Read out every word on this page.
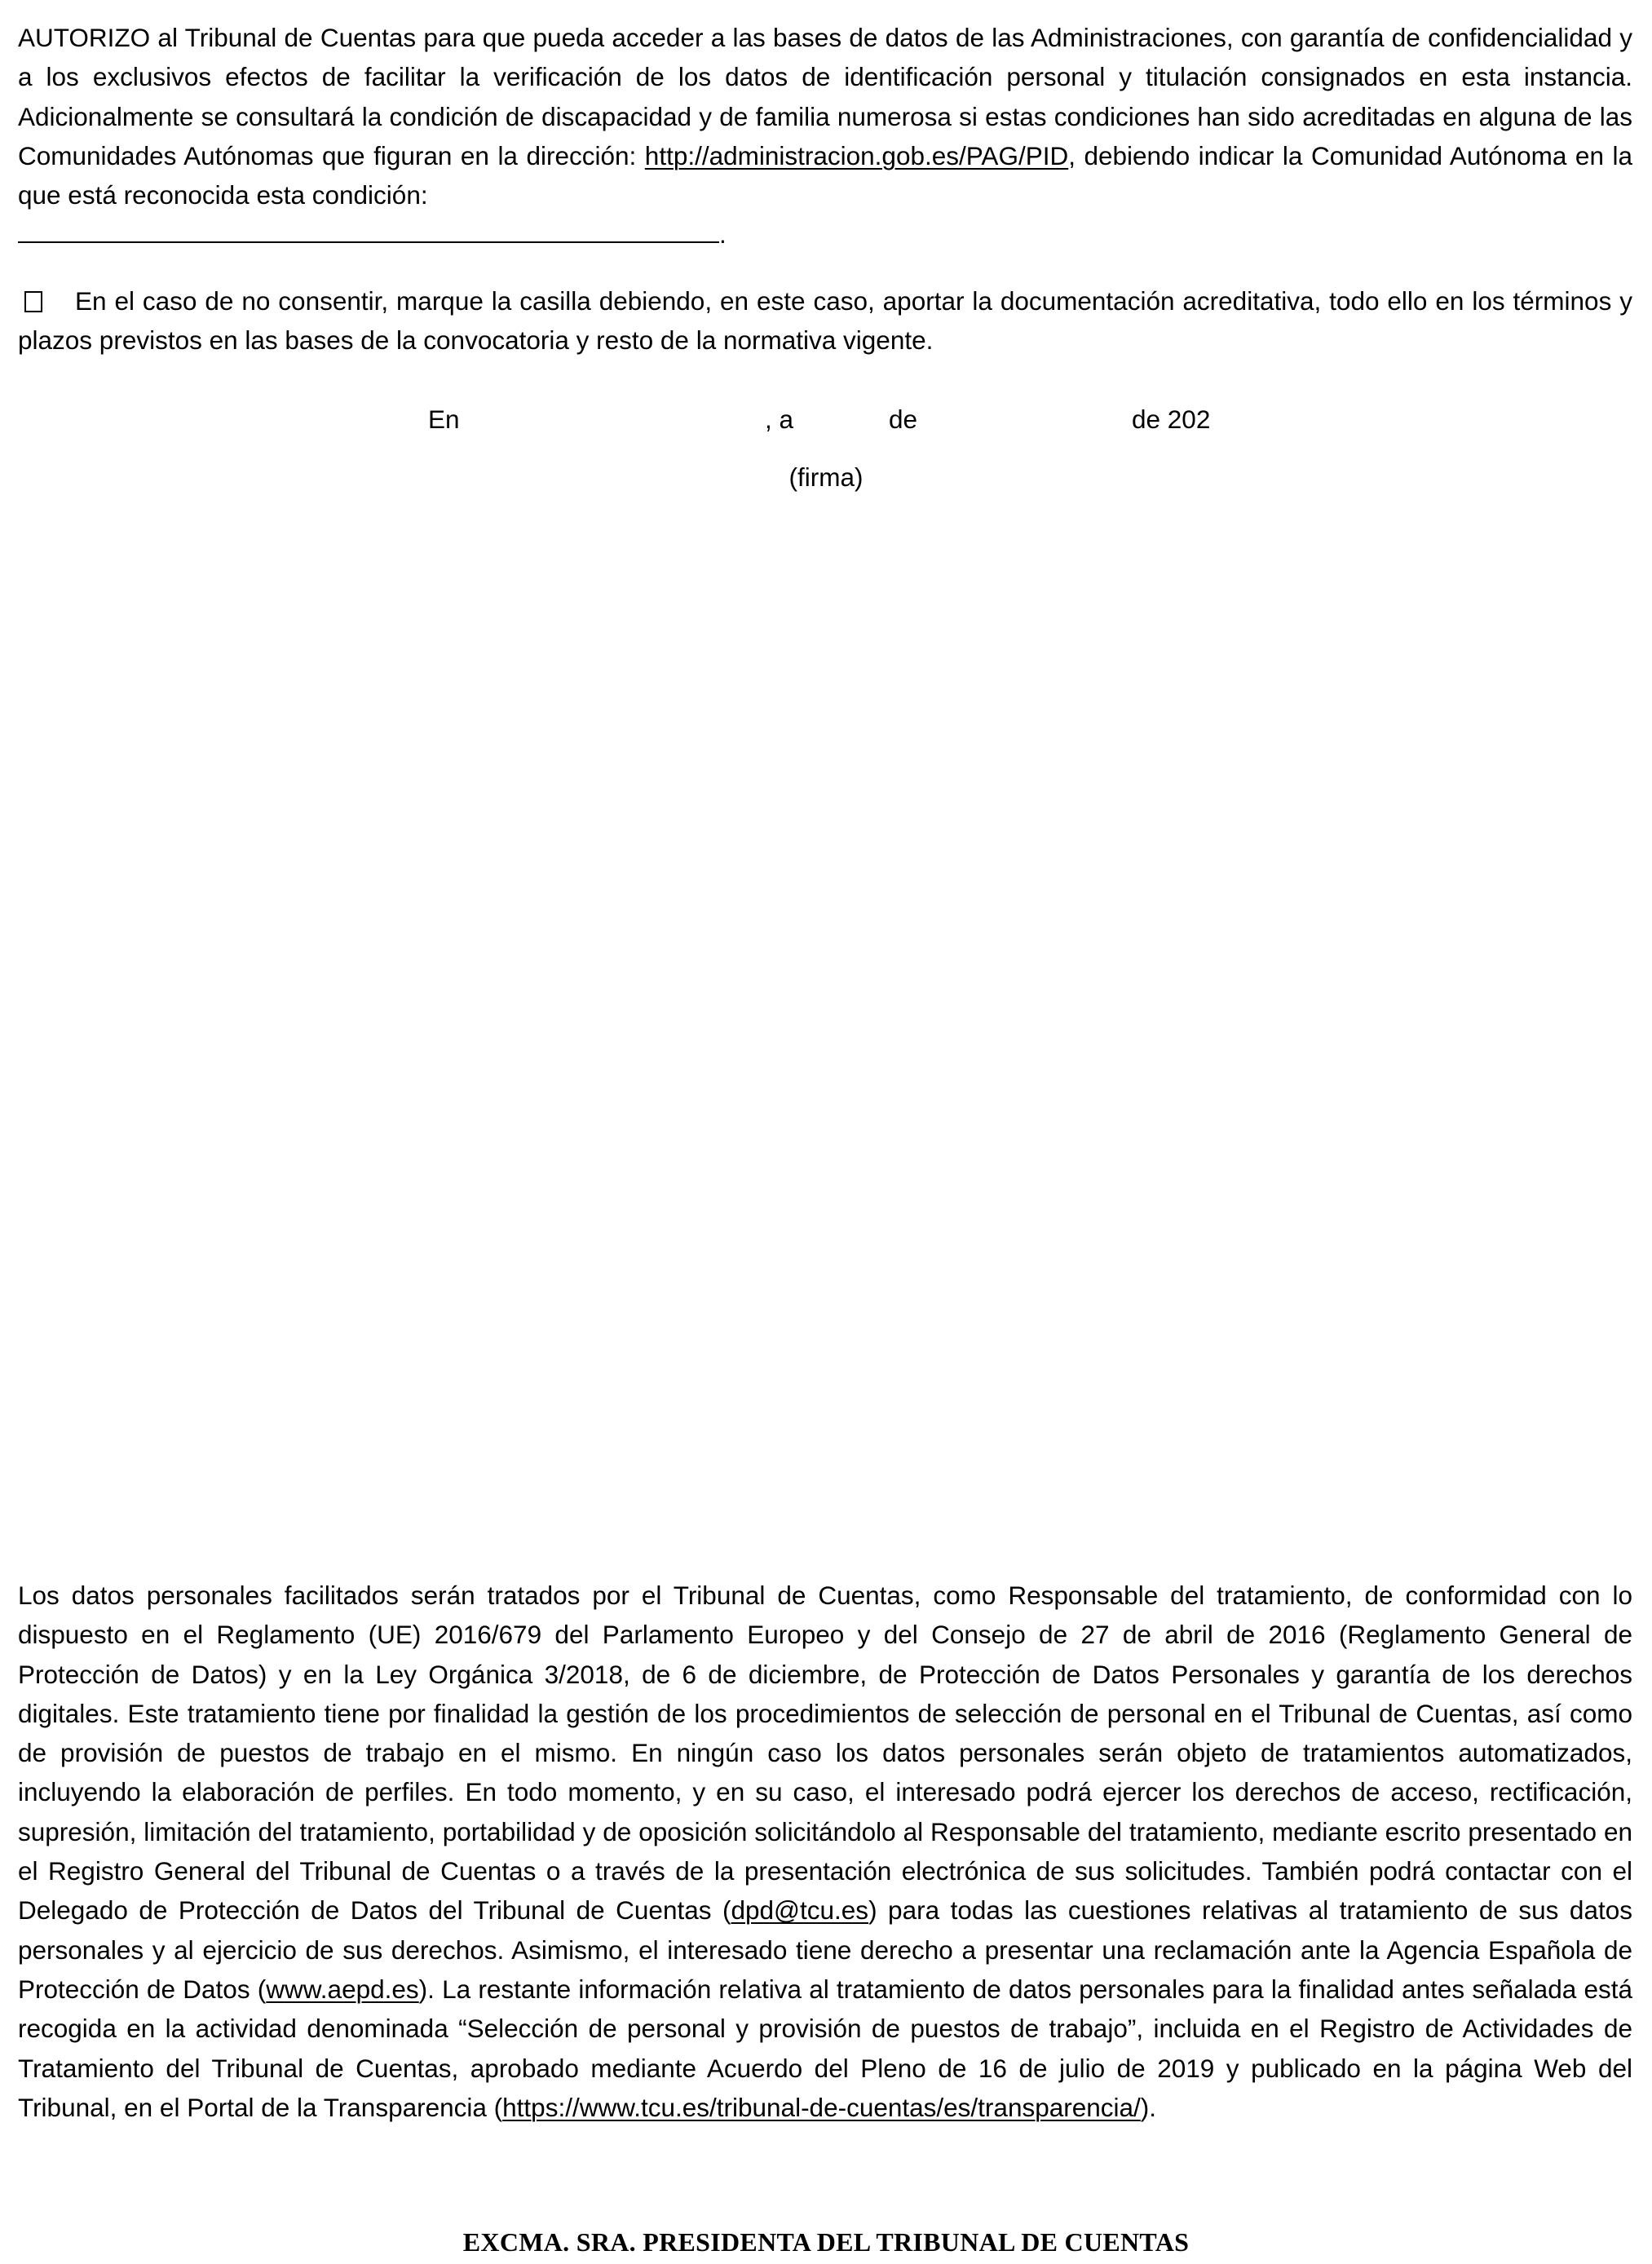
AUTORIZO al Tribunal de Cuentas para que pueda acceder a las bases de datos de las Administraciones, con garantía de confidencialidad y a los exclusivos efectos de facilitar la verificación de los datos de identificación personal y titulación consignados en esta instancia. Adicionalmente se consultará la condición de discapacidad y de familia numerosa si estas condiciones han sido acreditadas en alguna de las Comunidades Autónomas que figuran en la dirección: http://administracion.gob.es/PAG/PID, debiendo indicar la Comunidad Autónoma en la que está reconocida esta condición:
.

En el caso de no consentir, marque la casilla debiendo, en este caso, aportar la documentación acreditativa, todo ello en los términos y plazos previstos en las bases de la convocatoria y resto de la normativa vigente.

En	, a	de	de 202
(firma)

Los datos personales facilitados serán tratados por el Tribunal de Cuentas, como Responsable del tratamiento, de conformidad con lo dispuesto en el Reglamento (UE) 2016/679 del Parlamento Europeo y del Consejo de 27 de abril de 2016 (Reglamento General de Protección de Datos) y en la Ley Orgánica 3/2018, de 6 de diciembre, de Protección de Datos Personales y garantía de los derechos digitales. Este tratamiento tiene por finalidad la gestión de los procedimientos de selección de personal en el Tribunal de Cuentas, así como de provisión de puestos de trabajo en el mismo. En ningún caso los datos personales serán objeto de tratamientos automatizados, incluyendo la elaboración de perfiles. En todo momento, y en su caso, el interesado podrá ejercer los derechos de acceso, rectificación, supresión, limitación del tratamiento, portabilidad y de oposición solicitándolo al Responsable del tratamiento, mediante escrito presentado en el Registro General del Tribunal de Cuentas o a través de la presentación electrónica de sus solicitudes. También podrá contactar con el Delegado de Protección de Datos del Tribunal de Cuentas (dpd@tcu.es) para todas las cuestiones relativas al tratamiento de sus datos personales y al ejercicio de sus derechos. Asimismo, el interesado tiene derecho a presentar una reclamación ante la Agencia Española de Protección de Datos (www.aepd.es). La restante información relativa al tratamiento de datos personales para la finalidad antes señalada está recogida en la actividad denominada “Selección de personal y provisión de puestos de trabajo”, incluida en el Registro de Actividades de Tratamiento del Tribunal de Cuentas, aprobado mediante Acuerdo del Pleno de 16 de julio de 2019 y publicado en la página Web del Tribunal, en el Portal de la Transparencia (https://www.tcu.es/tribunal-de-cuentas/es/transparencia/).

EXCMA. SRA. PRESIDENTA DEL TRIBUNAL DE CUENTAS
